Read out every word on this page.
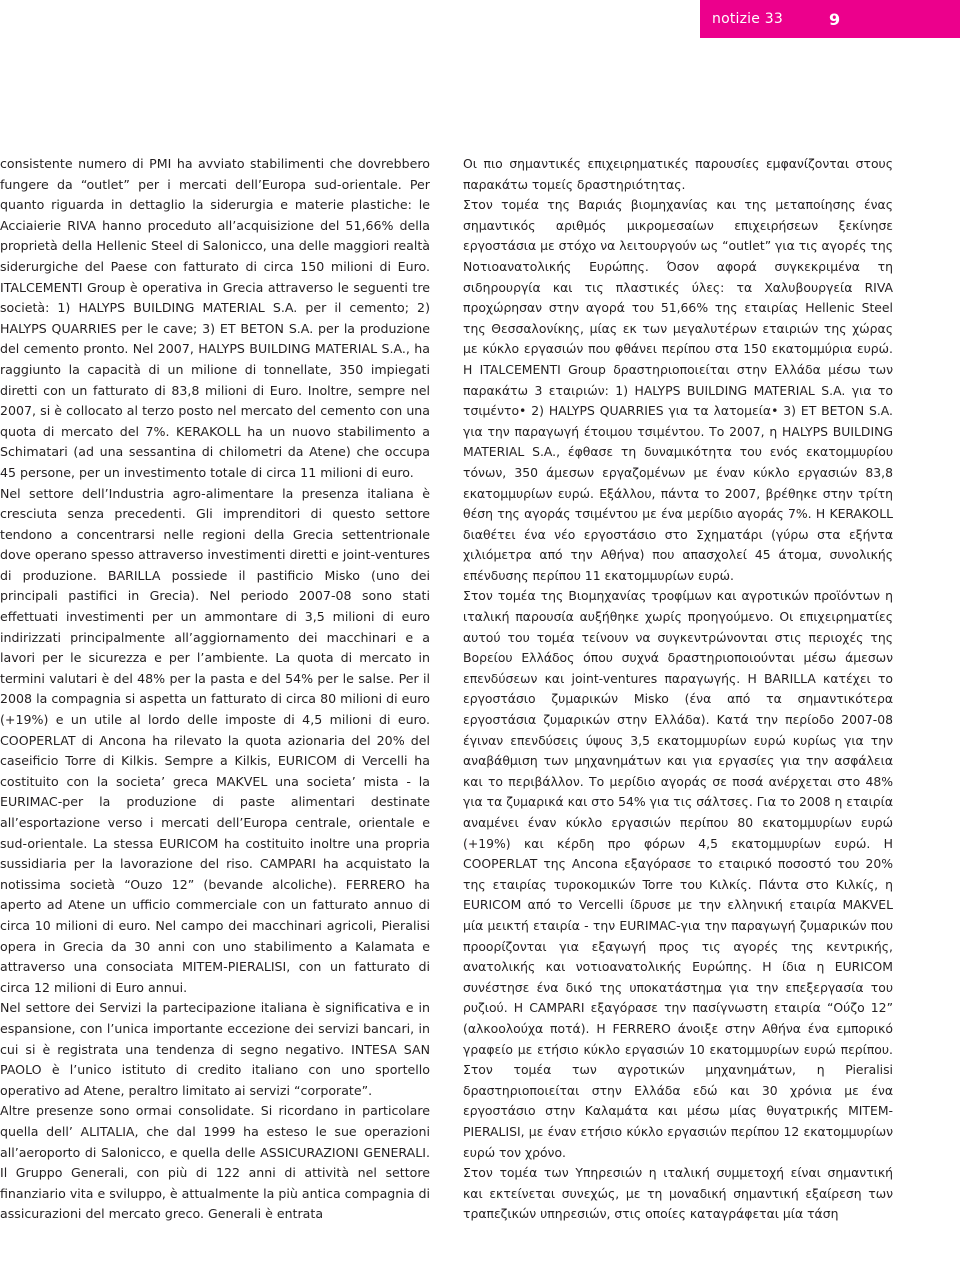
notizie 33	9

consistente numero di PMI ha avviato stabilimenti che dovrebbero fungere da “outlet” per i mercati dell’Europa sud-orientale. Per quanto riguarda in dettaglio la siderurgia e materie plastiche: le Acciaierie RIVA hanno proceduto all’acquisizione del 51,66% della proprietà della Hellenic Steel di Salonicco, una delle maggiori realtà siderurgiche del Paese con fatturato di circa 150 milioni di Euro. ITALCEMENTI Group è operativa in Grecia attraverso le seguenti tre società: 1) HALYPS BUILDING MATERIAL S.A. per il cemento; 2) HALYPS QUARRIES per le cave; 3) ET BETON S.A. per la produzione del cemento pronto. Nel 2007, HALYPS BUILDING MATERIAL S.A., ha raggiunto la capacità di un milione di tonnellate, 350 impiegati diretti con un fatturato di 83,8 milioni di Euro. Inoltre, sempre nel 2007, si è collocato al terzo posto nel mercato del cemento con una quota di mercato del 7%. KERAKOLL ha un nuovo stabilimento a Schimatari (ad una sessantina di chilometri da Atene) che occupa 45 persone, per un investimento totale di circa 11 milioni di euro.

Nel settore dell’Industria agro-alimentare la presenza italiana è cresciuta senza precedenti. Gli imprenditori di questo settore tendono a concentrarsi nelle regioni della Grecia settentrionale dove operano spesso attraverso investimenti diretti e joint-ventures di produzione. BARILLA possiede il pastificio Misko (uno dei principali pastifici in Grecia). Nel periodo 2007-08 sono stati effettuati investimenti per un ammontare di 3,5 milioni di euro indirizzati principalmente all’aggiornamento dei macchinari e a lavori per le sicurezza e per l’ambiente. La quota di mercato in termini valutari è del 48% per la pasta e del 54% per le salse. Per il 2008 la compagnia si aspetta un fatturato di circa 80 milioni di euro (+19%) e un utile al lordo delle imposte di 4,5 milioni di euro. COOPERLAT di Ancona ha rilevato la quota azionaria del 20% del caseificio Torre di Kilkis. Sempre a Kilkis, EURICOM di Vercelli ha costituito con la societa’ greca MAKVEL una societa’ mista - la EURIMAC-per la produzione di paste alimentari destinate all’esportazione verso i mercati dell’Europa centrale, orientale e sud-orientale. La stessa EURICOM ha costituito inoltre una propria sussidiaria per la lavorazione del riso. CAMPARI ha acquistato la notissima società “Ouzo 12” (bevande alcoliche). FERRERO ha aperto ad Atene un ufficio commerciale con un fatturato annuo di circa 10 milioni di euro. Nel campo dei macchinari agricoli, Pieralisi opera in Grecia da 30 anni con uno stabilimento a Kalamata e attraverso una consociata MITEM-PIERALISI, con un fatturato di circa 12 milioni di Euro annui.

Nel settore dei Servizi la partecipazione italiana è significativa e in espansione, con l’unica importante eccezione dei servizi bancari, in cui si è registrata una tendenza di segno negativo. INTESA SAN PAOLO è l’unico istituto di credito italiano con uno sportello operativo ad Atene, peraltro limitato ai servizi “corporate”.

Altre presenze sono ormai consolidate. Si ricordano in particolare quella dell’ ALITALIA, che dal 1999 ha esteso le sue operazioni all’aeroporto di Salonicco, e quella delle ASSICURAZIONI GENERALI. Il Gruppo Generali, con più di 122 anni di attività nel settore finanziario vita e sviluppo, è attualmente la più antica compagnia di assicurazioni del mercato greco. Generali è entrata

Οι πιο σημαντικές επιχειρηματικές παρουσίες εμφανίζονται στους παρακάτω τομείς δραστηριότητας.

Στον τομέα της Βαριάς βιομηχανίας και της μεταποίησης ένας σημαντικός αριθμός μικρομεσαίων επιχειρήσεων ξεκίνησε εργοστάσια με στόχο να λειτουργούν ως “outlet” για τις αγορές της Νοτιοανατολικής Ευρώπης. Όσον αφορά συγκεκριμένα τη σιδηρουργία και τις πλαστικές ύλες: τα Χαλυβουργεία RIVA προχώρησαν στην αγορά του 51,66% της εταιρίας Hellenic Steel της Θεσσαλονίκης, μίας εκ των μεγαλυτέρων εταιριών της χώρας με κύκλο εργασιών που φθάνει περίπου στα 150 εκατομμύρια ευρώ. Η ITALCEMENTI Group δραστηριοποιείται στην Ελλάδα μέσω των παρακάτω 3 εταιριών: 1) HALYPS BUILDING MATERIAL S.A. για το τσιμέντο• 2) HALYPS QUARRIES για τα λατομεία• 3) ET BETON S.A. για την παραγωγή έτοιμου τσιμέντου. Το 2007, η HALYPS BUILDING MATERIAL S.A., έφθασε τη δυναμικότητα του ενός εκατομμυρίου τόνων, 350 άμεσων εργαζομένων με έναν κύκλο εργασιών 83,8 εκατομμυρίων ευρώ. Εξάλλου, πάντα το 2007, βρέθηκε στην τρίτη θέση της αγοράς τσιμέντου με ένα μερίδιο αγοράς 7%. Η KERAKOLL διαθέτει ένα νέο εργοστάσιο στο Σχηματάρι (γύρω στα εξήντα χιλιόμετρα από την Αθήνα) που απασχολεί 45 άτομα, συνολικής επένδυσης περίπου 11 εκατομμυρίων ευρώ.

Στον τομέα της Βιομηχανίας τροφίμων και αγροτικών προϊόντων η ιταλική παρουσία αυξήθηκε χωρίς προηγούμενο. Οι επιχειρηματίες αυτού του τομέα τείνουν να συγκεντρώνονται στις περιοχές της Βορείου Ελλάδος όπου συχνά δραστηριοποιούνται μέσω άμεσων επενδύσεων και joint-ventures παραγωγής. Η BARILLA κατέχει το εργοστάσιο ζυμαρικών Misko (ένα από τα σημαντικότερα εργοστάσια ζυμαρικών στην Ελλάδα). Κατά την περίοδο 2007-08 έγιναν επενδύσεις ύψους 3,5 εκατομμυρίων ευρώ κυρίως για την αναβάθμιση των μηχανημάτων και για εργασίες για την ασφάλεια και το περιβάλλον. Το μερίδιο αγοράς σε ποσά ανέρχεται στο 48% για τα ζυμαρικά και στο 54% για τις σάλτσες. Για το 2008 η εταιρία αναμένει έναν κύκλο εργασιών περίπου 80 εκατομμυρίων ευρώ (+19%) και κέρδη προ φόρων 4,5 εκατομμυρίων ευρώ. Η COOPERLAT της Ancona εξαγόρασε το εταιρικό ποσοστό του 20% της εταιρίας τυροκομικών Torre του Κιλκίς. Πάντα στο Κιλκίς, η EURICOM από το Vercelli ίδρυσε με την ελληνική εταιρία MAKVEL μία μεικτή εταιρία - την EURIMAC-για την παραγωγή ζυμαρικών που προορίζονται για εξαγωγή προς τις αγορές της κεντρικής, ανατολικής και νοτιοανατολικής Ευρώπης. Η ίδια η EURICOM συνέστησε ένα δικό της υποκατάστημα για την επεξεργασία του ρυζιού. Η CAMPARI εξαγόρασε την πασίγνωστη εταιρία “Ούζο 12” (αλκοολούχα ποτά). Η FERRERO άνοιξε στην Αθήνα ένα εμπορικό γραφείο με ετήσιο κύκλο εργασιών 10 εκατομμυρίων ευρώ περίπου. Στον τομέα των αγροτικών μηχανημάτων, η Pieralisi δραστηριοποιείται στην Ελλάδα εδώ και 30 χρόνια με ένα εργοστάσιο στην Καλαμάτα και μέσω μίας θυγατρικής MITEM-PIERALISI, με έναν ετήσιο κύκλο εργασιών περίπου 12 εκατομμυρίων ευρώ τον χρόνο.

Στον τομέα των Υπηρεσιών η ιταλική συμμετοχή είναι σημαντική και εκτείνεται συνεχώς, με τη μοναδική σημαντική εξαίρεση των τραπεζικών υπηρεσιών, στις οποίες καταγράφεται μία τάση
